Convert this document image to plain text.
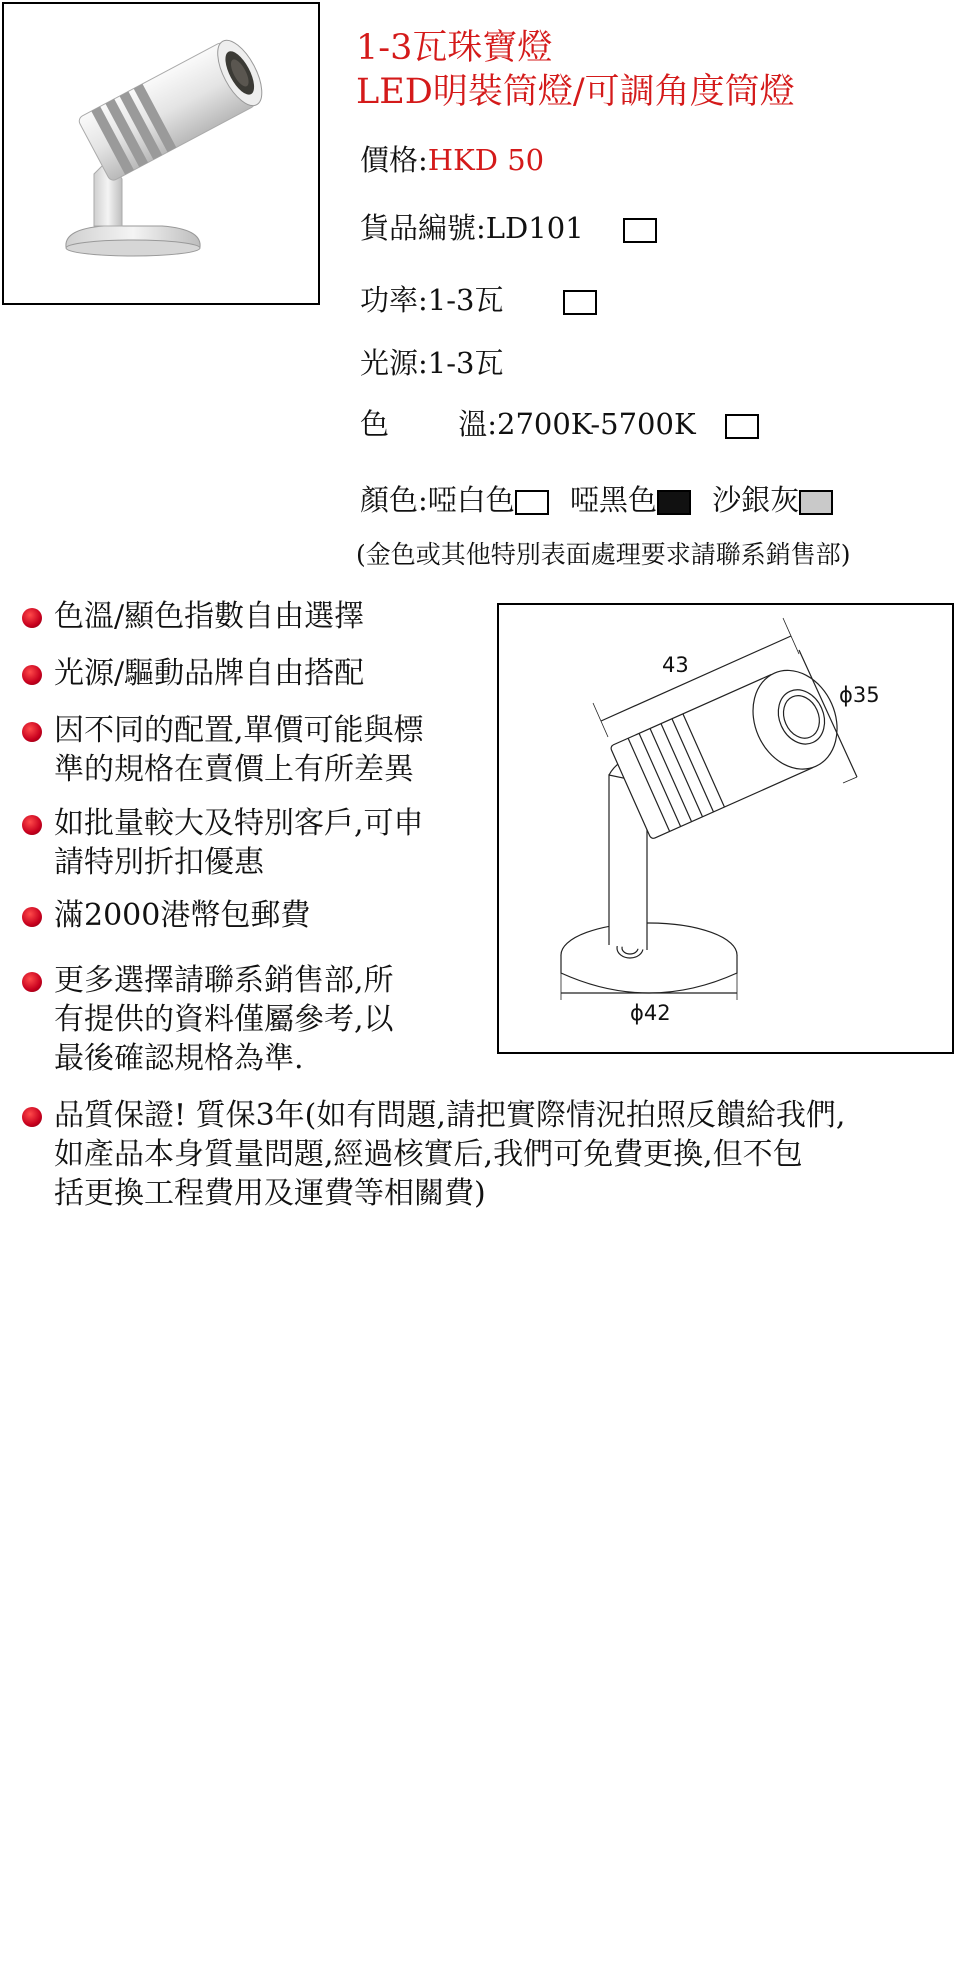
1-3瓦珠寶燈
LED明裝筒燈/可調角度筒燈
價格:HKD 50
貨品編號:LD101
功率:1-3瓦
光源:1-3瓦
色 溫:2700K-5700K
顏色:啞白色 啞黑色 沙銀灰
(金色或其他特別表面處理要求請聯系銷售部)
色溫/顯色指數自由選擇
光源/驅動品牌自由搭配
因不同的配置,單價可能與標
準的規格在賣價上有所差異
如批量較大及特別客戶,可申
請特別折扣優惠
滿2000港幣包郵費
更多選擇請聯系銷售部,所
有提供的資料僅屬參考,以
最後確認規格為準.
43
ϕ35
ϕ42
品質保證! 質保3年(如有問題,請把實際情況拍照反饋給我們,
如產品本身質量問題,經過核實后,我們可免費更換,但不包
括更換工程費用及運費等相關費)
